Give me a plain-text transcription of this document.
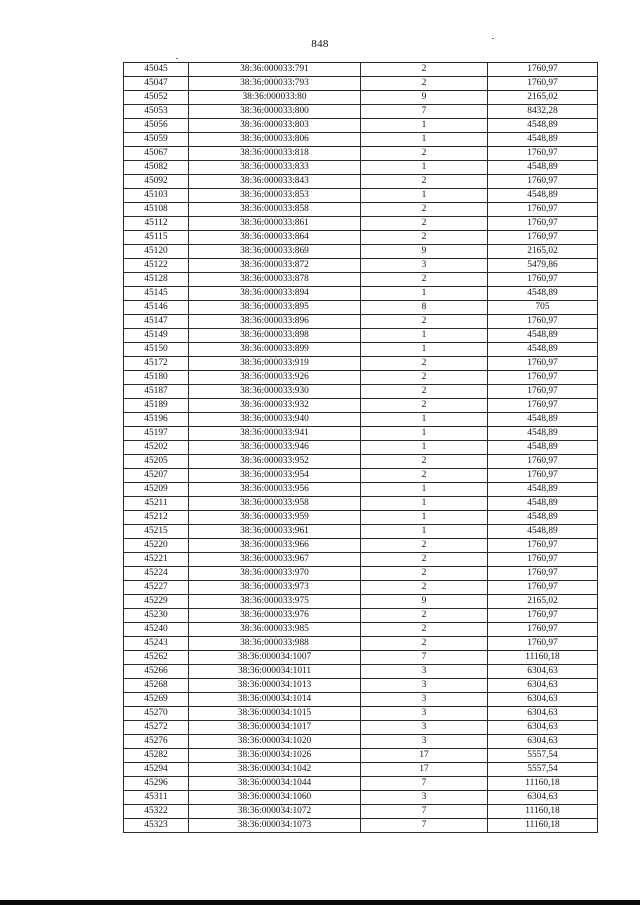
848
45045	38:36:000033:791	2	1760,97
45047	38:36:000033:793	2	1760,97
45052	38:36:000033:80	9	2165,02
45053	38:36:000033:800	7	8432,28
45056	38:36:000033:803	1	4548,89
45059	38:36:000033:806	1	4548,89
45067	38:36:000033:818	2	1760,97
45082	38:36:000033:833	1	4548,89
45092	38:36:000033:843	2	1760,97
45103	38:36:000033:853	1	4548,89
45108	38:36:000033:858	2	1760,97
45112	38:36:000033:861	2	1760,97
45115	38:36:000033:864	2	1760,97
45120	38:36:000033:869	9	2165,02
45122	38:36:000033:872	3	5479,86
45128	38:36:000033:878	2	1760,97
45145	38:36:000033:894	1	4548,89
45146	38:36:000033:895	8	705
45147	38:36:000033:896	2	1760,97
45149	38:36:000033:898	1	4548,89
45150	38:36:000033:899	1	4548,89
45172	38:36:000033:919	2	1760,97
45180	38:36:000033:926	2	1760,97
45187	38:36:000033:930	2	1760,97
45189	38:36:000033:932	2	1760,97
45196	38:36:000033:940	1	4548,89
45197	38:36:000033:941	1	4548,89
45202	38:36:000033:946	1	4548,89
45205	38:36:000033:952	2	1760,97
45207	38:36:000033:954	2	1760,97
45209	38:36:000033:956	1	4548,89
45211	38:36:000033:958	1	4548,89
45212	38:36:000033:959	1	4548,89
45215	38:36:000033:961	1	4548,89
45220	38:36:000033:966	2	1760,97
45221	38:36:000033:967	2	1760,97
45224	38:36:000033:970	2	1760,97
45227	38:36:000033:973	2	1760,97
45229	38:36:000033:975	9	2165,02
45230	38:36:000033:976	2	1760,97
45240	38:36:000033:985	2	1760,97
45243	38:36:000033:988	2	1760,97
45262	38:36:000034:1007	7	11160,18
45266	38:36:000034:1011	3	6304,63
45268	38:36:000034:1013	3	6304,63
45269	38:36:000034:1014	3	6304,63
45270	38:36:000034:1015	3	6304,63
45272	38:36:000034:1017	3	6304,63
45276	38:36:000034:1020	3	6304,63
45282	38:36:000034:1026	17	5557,54
45294	38:36:000034:1042	17	5557,54
45296	38:36:000034:1044	7	11160,18
45311	38:36:000034:1060	3	6304,63
45322	38:36:000034:1072	7	11160,18
45323	38:36:000034:1073	7	11160,18
